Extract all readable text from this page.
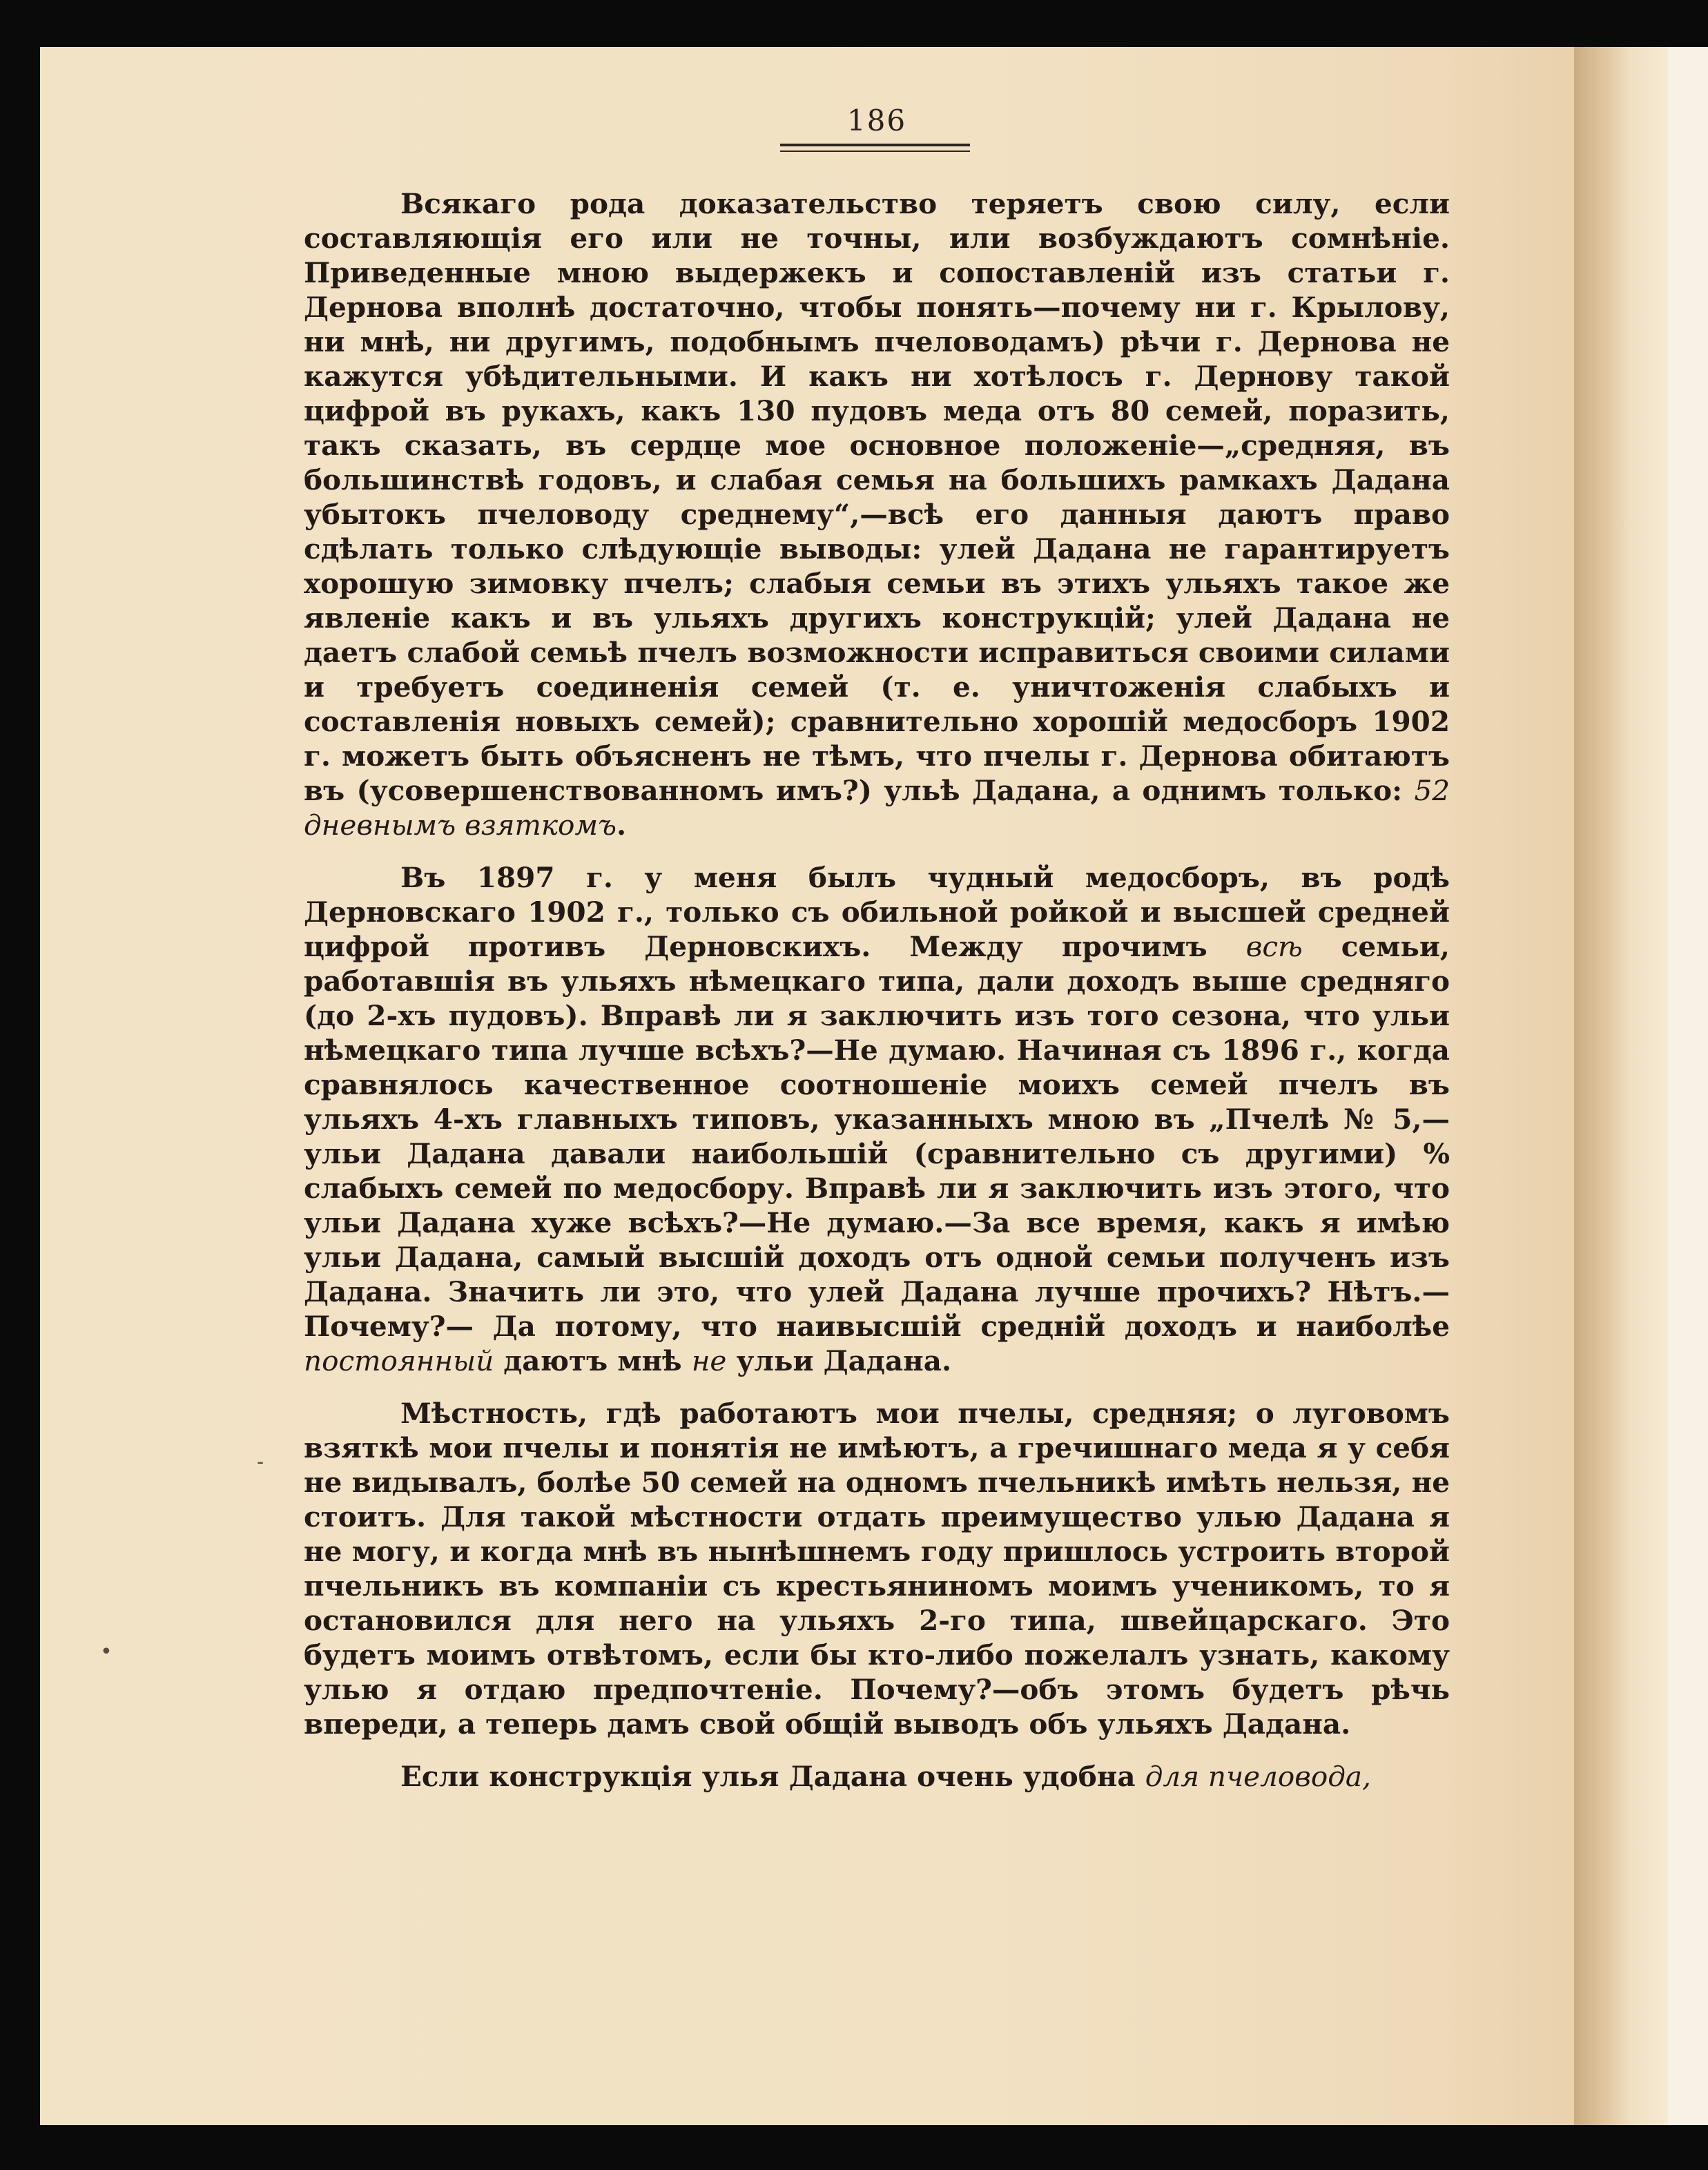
186

Всякаго рода доказательство теряетъ свою силу, если составляющія его или не точны, или возбуждаютъ сомнѣніе. Приведенные мною выдержекъ и сопоставленій изъ статьи г. Дернова вполнѣ достаточно, чтобы понять—почему ни г. Крылову, ни мнѣ, ни другимъ, подобнымъ пчеловодамъ) рѣчи г. Дернова не кажутся убѣдительными. И какъ ни хотѣлосъ г. Дернову такой цифрой въ рукахъ, какъ 130 пудовъ меда отъ 80 семей, поразить, такъ сказать, въ сердце мое основное положеніе—„средняя, въ большинствѣ годовъ, и слабая семья на большихъ рамкахъ Дадана убытокъ пчеловоду среднему“,—всѣ его данныя даютъ право сдѣлать только слѣдующіе выводы: улей Дадана не гарантируетъ хорошую зимовку пчелъ; слабыя семьи въ этихъ ульяхъ такое же явленіе какъ и въ ульяхъ другихъ конструкцій; улей Дадана не даетъ слабой семьѣ пчелъ возможности исправиться своими силами и требуетъ соединенія семей (т. е. уничтоженія слабыхъ и составленія новыхъ семей); сравнительно хорошій медосборъ 1902 г. можетъ быть объясненъ не тѣмъ, что пчелы г. Дернова обитаютъ въ (усовершенствованномъ имъ?) ульѣ Дадана, а однимъ только: 52 дневнымъ взяткомъ.

Въ 1897 г. у меня былъ чудный медосборъ, въ родѣ Дерновскаго 1902 г., только съ обильной ройкой и высшей средней цифрой противъ Дерновскихъ. Между прочимъ всѣ семьи, работавшія въ ульяхъ нѣмецкаго типа, дали доходъ выше средняго (до 2-хъ пудовъ). Вправѣ ли я заключить изъ того сезона, что ульи нѣмецкаго типа лучше всѣхъ?—Не думаю. Начиная съ 1896 г., когда сравнялось качественное соотношеніе моихъ семей пчелъ въ ульяхъ 4-хъ главныхъ типовъ, указанныхъ мною въ „Пчелѣ № 5,—ульи Дадана давали наибольшій (сравнительно съ другими) % слабыхъ семей по медосбору. Вправѣ ли я заключить изъ этого, что ульи Дадана хуже всѣхъ?—Не думаю.—За все время, какъ я имѣю ульи Дадана, самый высшій доходъ отъ одной семьи полученъ изъ Дадана. Значить ли это, что улей Дадана лучше прочихъ? Нѣтъ.—Почему?— Да потому, что наивысшій средній доходъ и наиболѣе постоянный даютъ мнѣ не ульи Дадана.

Мѣстность, гдѣ работаютъ мои пчелы, средняя; о луговомъ взяткѣ мои пчелы и понятія не имѣютъ, а гречишнаго меда я у себя не видывалъ, болѣе 50 семей на одномъ пчельникѣ имѣть нельзя, не стоитъ. Для такой мѣстности отдать преимущество улью Дадана я не могу, и когда мнѣ въ нынѣшнемъ году пришлось устроить второй пчельникъ въ компаніи съ крестьяниномъ моимъ ученикомъ, то я остановился для него на ульяхъ 2-го типа, швейцарскаго. Это будетъ моимъ отвѣтомъ, если бы кто-либо пожелалъ узнать, какому улью я отдаю предпочтеніе. Почему?—объ этомъ будетъ рѣчь впереди, а теперь дамъ свой общій выводъ объ ульяхъ Дадана.

Если конструкція улья Дадана очень удобна для пчеловода,

•
‐
